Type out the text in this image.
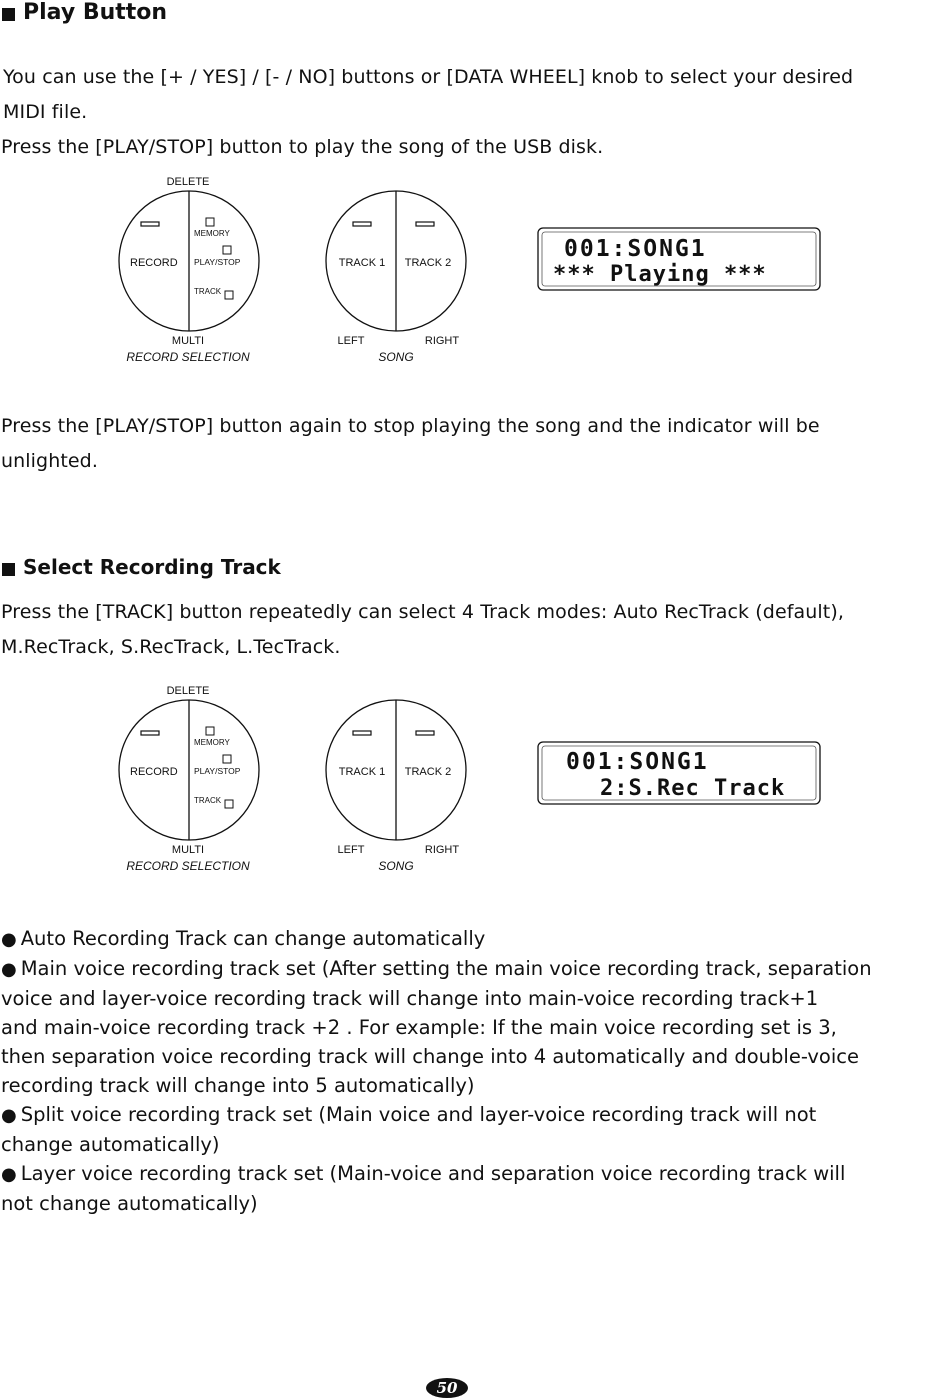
Play Button

You can use the [+ / YES] / [- / NO] buttons or [DATA WHEEL] knob to select your desired

MIDI file.

Press the [PLAY/STOP] button to play the song of the USB disk.

DELETE
MEMORY
PLAY/STOP
TRACK
RECORD
MULTI
RECORD SELECTION
TRACK 1 TRACK 2
LEFT	RIGHT
SONG
001:SONG1
*** Playing ***

Press the [PLAY/STOP] button again to stop playing the song and the indicator will be

unlighted.

Select Recording Track

Press the [TRACK] button repeatedly can select 4 Track modes: Auto RecTrack (default),

M.RecTrack, S.RecTrack, L.TecTrack.

DELETE
MEMORY
PLAY/STOP
TRACK
RECORD
MULTI
RECORD SELECTION
TRACK 1 TRACK 2
LEFT	RIGHT
SONG
001:SONG1
2:S.Rec Track

● Auto Recording Track can change automatically

● Main voice recording track set (After setting the main voice recording track, separation

voice and layer-voice recording track will change into main-voice recording track+1

and main-voice recording track +2 . For example: If the main voice recording set is 3,

then separation voice recording track will change into 4 automatically and double-voice

recording track will change into 5 automatically)

● Split voice recording track set (Main voice and layer-voice recording track will not

change automatically)

● Layer voice recording track set (Main-voice and separation voice recording track will

not change automatically)

50
